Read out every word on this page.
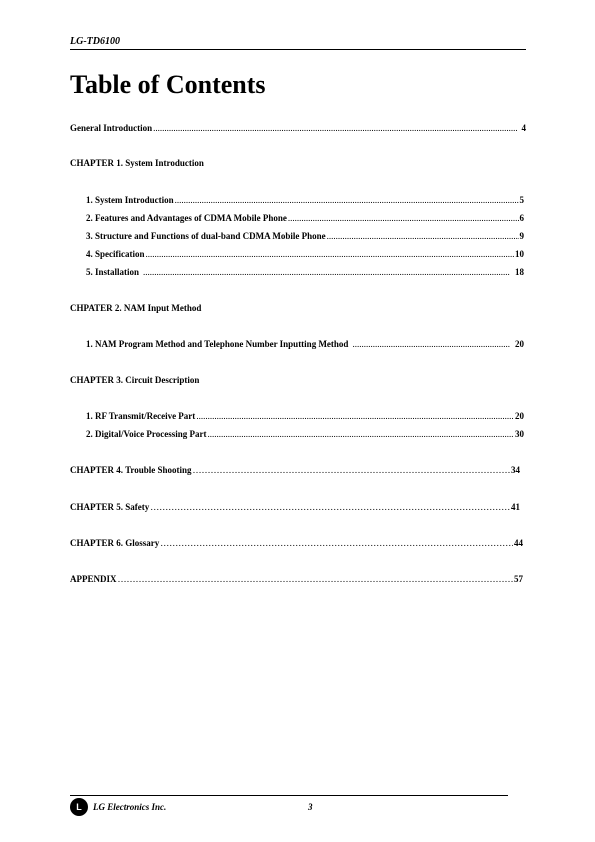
LG-TD6100
Table of Contents
General Introduction .....	4
CHAPTER 1. System Introduction
1. System Introduction .....	5
2. Features and Advantages of CDMA Mobile Phone .....	6
3. Structure and Functions of dual-band CDMA Mobile Phone .....	9
4. Specification .....	10
5. Installation .....	18
CHPATER 2. NAM Input Method
1. NAM Program Method and Telephone Number Inputting Method .....	20
CHAPTER 3. Circuit Description
1. RF Transmit/Receive Part .....	20
2. Digital/Voice Processing Part .....	30
CHAPTER 4. Trouble Shooting …………………………………………………………………………………………………………………………	34
CHAPTER 5. Safety …………………………………………………………………………………………………………………………	41
CHAPTER 6. Glossary …………………………………………………………………………………………………………………………	44
APPENDIX …………………………………………………………………………………………………………………………	57
L LG Electronics Inc.	3
